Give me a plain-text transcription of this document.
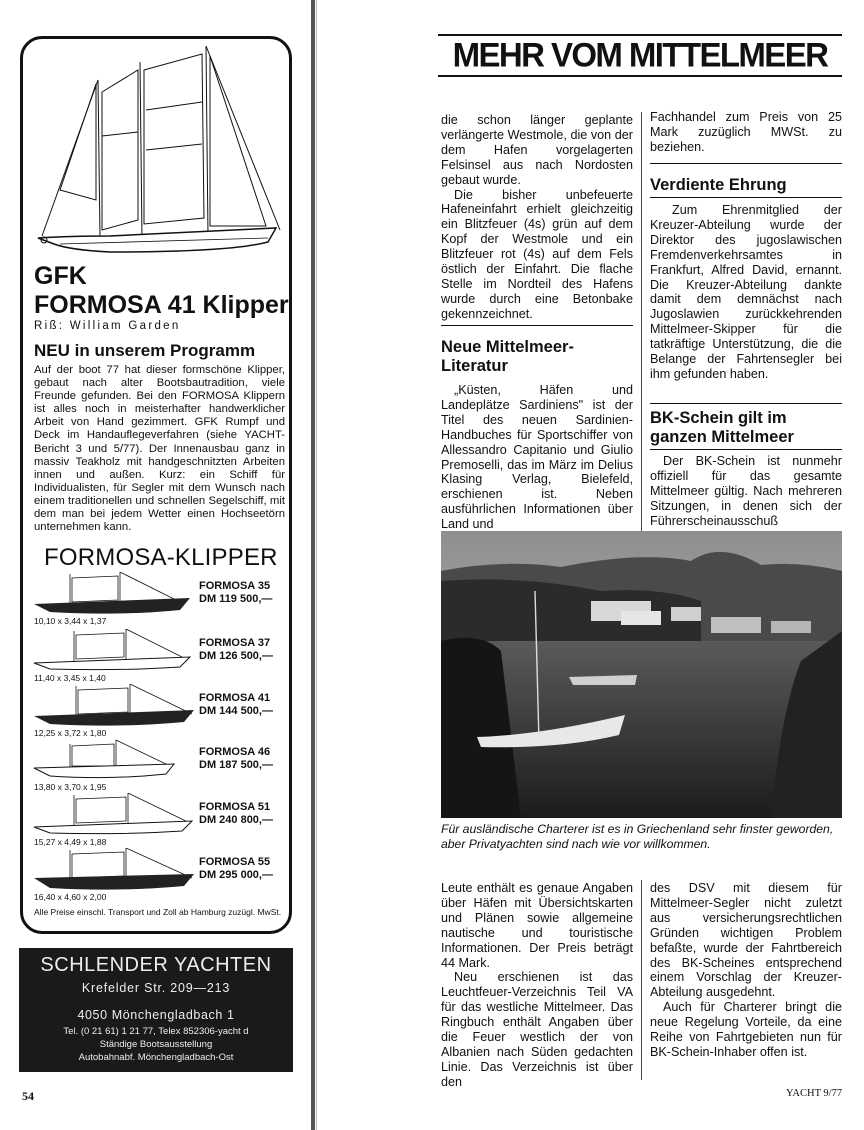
GFK
FORMOSA 41 Klipper
Riß: William Garden
NEU in unserem Programm
Auf der boot 77 hat dieser formschöne Klipper, gebaut nach alter Bootsbautradition, viele Freunde gefunden. Bei den FORMOSA Klippern ist alles noch in meisterhafter handwerklicher Arbeit von Hand gezimmert. GFK Rumpf und Deck im Handauflegeverfahren (siehe YACHT-Bericht 3 und 5/77). Der Innenausbau ganz in massiv Teakholz mit handgeschnitzten Arbeiten innen und außen. Kurz: ein Schiff für Individualisten, für Segler mit dem Wunsch nach einem traditionellen und schnellen Segelschiff, mit dem man bei jedem Wetter einen Hochseetörn unternehmen kann.
FORMOSA-KLIPPER
10,10 x 3,44 x 1,37
FORMOSA 35
DM 119 500,—
11,40 x 3,45 x 1,40
FORMOSA 37
DM 126 500,—
12,25 x 3,72 x 1,80
FORMOSA 41
DM 144 500,—
13,80 x 3,70 x 1,95
FORMOSA 46
DM 187 500,—
15,27 x 4,49 x 1,88
FORMOSA 51
DM 240 800,—
16,40 x 4,60 x 2,00
FORMOSA 55
DM 295 000,—
Alle Preise einschl. Transport und Zoll ab Hamburg zuzügl. MwSt.
SCHLENDER YACHTEN
Krefelder Str. 209—213
4050 Mönchengladbach 1
Tel. (0 21 61) 1 21 77, Telex 852306-yacht d
Ständige Bootsausstellung
Autobahnabf. Mönchengladbach-Ost
54
MEHR VOM MITTELMEER
die schon länger geplante verlängerte Westmole, die von der dem Hafen vorgelagerten Felsinsel aus nach Nordosten gebaut wurde.
Die bisher unbefeuerte Hafeneinfahrt erhielt gleichzeitig ein Blitzfeuer (4s) grün auf dem Kopf der Westmole und ein Blitzfeuer rot (4s) auf dem Fels östlich der Einfahrt. Die flache Stelle im Nordteil des Hafens wurde durch eine Betonbake gekennzeichnet.
Neue Mittelmeer-Literatur
„Küsten, Häfen und Landeplätze Sardiniens" ist der Titel des neuen Sardinien-Handbuches für Sportschiffer von Allessandro Capitanio und Giulio Premoselli, das im März im Delius Klasing Verlag, Bielefeld, erschienen ist. Neben ausführlichen Informationen über Land und
Fachhandel zum Preis von 25 Mark zuzüglich MWSt. zu beziehen.
Verdiente Ehrung
Zum Ehrenmitglied der Kreuzer-Abteilung wurde der Direktor des jugoslawischen Fremdenverkehrsamtes in Frankfurt, Alfred David, ernannt. Die Kreuzer-Abteilung dankte damit dem demnächst nach Jugoslawien zurückkehrenden Mittelmeer-Skipper für die tatkräftige Unterstützung, die die Belange der Fahrtensegler bei ihm gefunden haben.
BK-Schein gilt im ganzen Mittelmeer
Der BK-Schein ist nunmehr offiziell für das gesamte Mittelmeer gültig. Nach mehreren Sitzungen, in denen sich der Führerscheinausschuß
Für ausländische Charterer ist es in Griechenland sehr finster geworden, aber Privatyachten sind nach wie vor willkommen.
Leute enthält es genaue Angaben über Häfen mit Übersichtskarten und Plänen sowie allgemeine nautische und touristische Informationen. Der Preis beträgt 44 Mark.
Neu erschienen ist das Leuchtfeuer-Verzeichnis Teil VA für das westliche Mittelmeer. Das Ringbuch enthält Angaben über die Feuer westlich der von Albanien nach Süden gedachten Linie. Das Verzeichnis ist über den
des DSV mit diesem für Mittelmeer-Segler nicht zuletzt aus versicherungsrechtlichen Gründen wichtigen Problem befaßte, wurde der Fahrtbereich des BK-Scheines entsprechend einem Vorschlag der Kreuzer-Abteilung ausgedehnt.
Auch für Charterer bringt die neue Regelung Vorteile, da eine Reihe von Fahrtgebieten nun für BK-Schein-Inhaber offen ist.
YACHT 9/77
